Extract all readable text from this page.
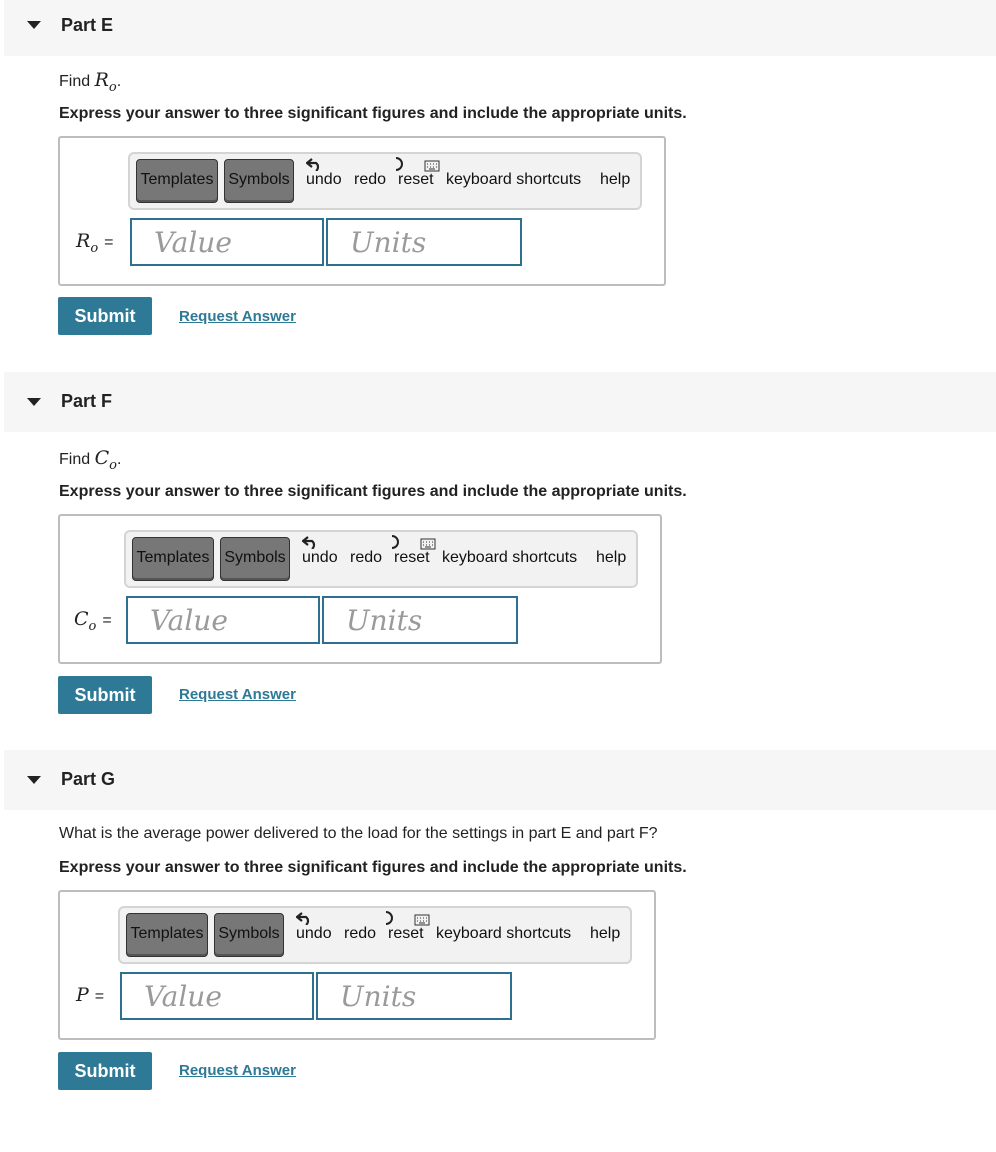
Part E
Find $R_o$.
Express your answer to three significant figures and include the appropriate units.
Templates Symbols undo redo reset keyboard shortcuts help
$R_o$ =	Value	Units
Submit	Request Answer
Part F
Find $C_o$.
Express your answer to three significant figures and include the appropriate units.
Templates Symbols undo redo reset keyboard shortcuts help
$C_o$ =	Value	Units
Submit	Request Answer
Part G
What is the average power delivered to the load for the settings in part E and part F?
Express your answer to three significant figures and include the appropriate units.
Templates Symbols undo redo reset keyboard shortcuts help
P =	Value	Units
Submit	Request Answer
